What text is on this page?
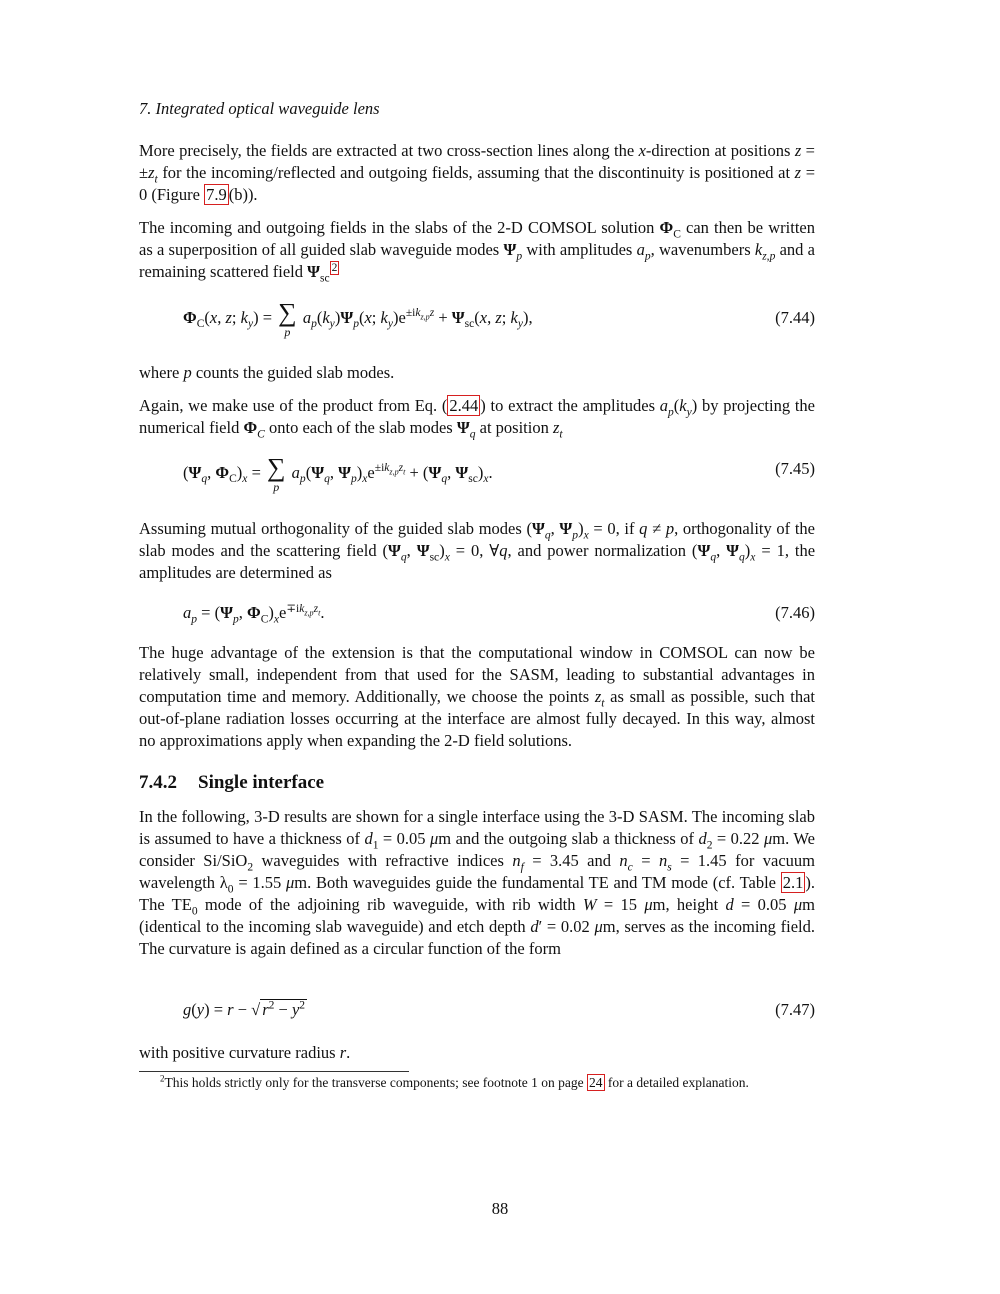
7. Integrated optical waveguide lens
More precisely, the fields are extracted at two cross-section lines along the x-direction at positions $z = \pm z_t$ for the incoming/reflected and outgoing fields, assuming that the discontinuity is positioned at z = 0 (Figure 7.9 (b)).
The incoming and outgoing fields in the slabs of the 2-D COMSOL solution $\Phi_C$ can then be written as a superposition of all guided slab waveguide modes $\Psi_p$ with amplitudes $a_p$, wavenumbers $k_{z,p}$ and a remaining scattered field $\Psi_{sc}^2$
$\Phi_C(x$, z; $k_y$) = ∑
p
$a_p(k_y)\Psi_p(x$; $k_y)e^{\pm ik_{z,p}z} + \Psi_{sc}(x$, z; $k_y$),	(7.44)
where p counts the guided slab modes.
Again, we make use of the product from Eq. ( 2.44 ) to extract the amplitudes $a_p(k_y)$ by projecting the numerical field $\Phi_C$ onto each of the slab modes $\Psi_q$ at position $z_t$
($\Psi_q$, $\Phi_C)_x$ = ∑
p
$a_p(\Psi_q$, $\Psi_p)_xe^{\pm ik_{z,p}z_t} + (\Psi_q$, $\Psi_{sc})_x$.	(7.45)
Assuming mutual orthogonality of the guided slab modes ($\Psi_q$, $\Psi_p)_x = 0$, if q ≠ p, orthogonality of the slab modes and the scattering field ($\Psi_q$, $\Psi_{sc})_x = 0$, ∀q, and power normalization ($\Psi_q$, $\Psi_q)_x = 1$, the amplitudes are determined as
$a_p = (\Psi_p$, $\Phi_C)_xe^{\mp ik_{z,p}z_t}$.	(7.46)
The huge advantage of the extension is that the computational window in COMSOL can now be relatively small, independent from that used for the SASM, leading to substantial advantages in computation time and memory. Additionally, we choose the points $z_t$ as small as possible, such that out-of-plane radiation losses occurring at the interface are almost fully decayed. In this way, almost no approximations apply when expanding the 2-D field solutions.
7.4.2 Single interface
In the following, 3-D results are shown for a single interface using the 3-D SASM. The incoming slab is assumed to have a thickness of $d_1 = 0.05$ μm and the outgoing slab a thickness of $d_2 = 0.22$ μm. We consider Si/SiO$_2$ waveguides with refractive indices $n_f = 3.45$ and $n_c = n_s = 1.45$ for vacuum wavelength $\lambda_0 = 1.55$ μm. Both waveguides guide the fundamental TE and TM mode (cf. Table 2.1 ). The $TE_0$ mode of the adjoining rib waveguide, with rib width W = 15 μm, height d = 0.05 μm (identical to the incoming slab waveguide) and etch depth d′ = 0.02 μm, serves as the incoming field. The curvature is again defined as a circular function of the form
g(y) = r − √ $r^2 - y^2$	(7.47)
with positive curvature radius r.
$^2$This holds strictly only for the transverse components; see footnote 1 on page 24 for a detailed explanation.
88
